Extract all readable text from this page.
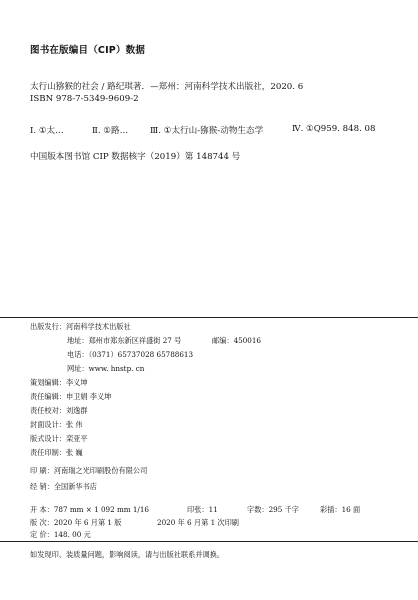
图书在版编目（CIP）数据
太行山猕猴的社会 / 路纪琪著．—郑州：河南科学技术出版社，2020. 6
ISBN 978-7-5349-9609-2
Ⅰ. ①太…	Ⅱ. ①路…	Ⅲ. ①太行山-猕猴-动物生态学	Ⅳ. ①Q959. 848. 08
中国版本图书馆 CIP 数据核字（2019）第 148744 号
出版发行：河南科学技术出版社
地址：郑州市郑东新区祥盛街 27 号	邮编：450016
电话：（0371）65737028 65788613
网址：www. hnstp. cn
策划编辑：李义坤
责任编辑：申卫娟 李义坤
责任校对：刘逸群
封面设计：张 伟
版式设计：栾亚平
责任印制：张 巍
印 刷：河南瑞之光印刷股份有限公司
经 销：全国新华书店
开 本：787 mm × 1 092 mm 1/16	印张：11	字数：295 千字	彩插：16 面
版 次：2020 年 6 月第 1 版	2020 年 6 月第 1 次印刷
定 价：148. 00 元
如发现印、装质量问题，影响阅读，请与出版社联系并调换。
